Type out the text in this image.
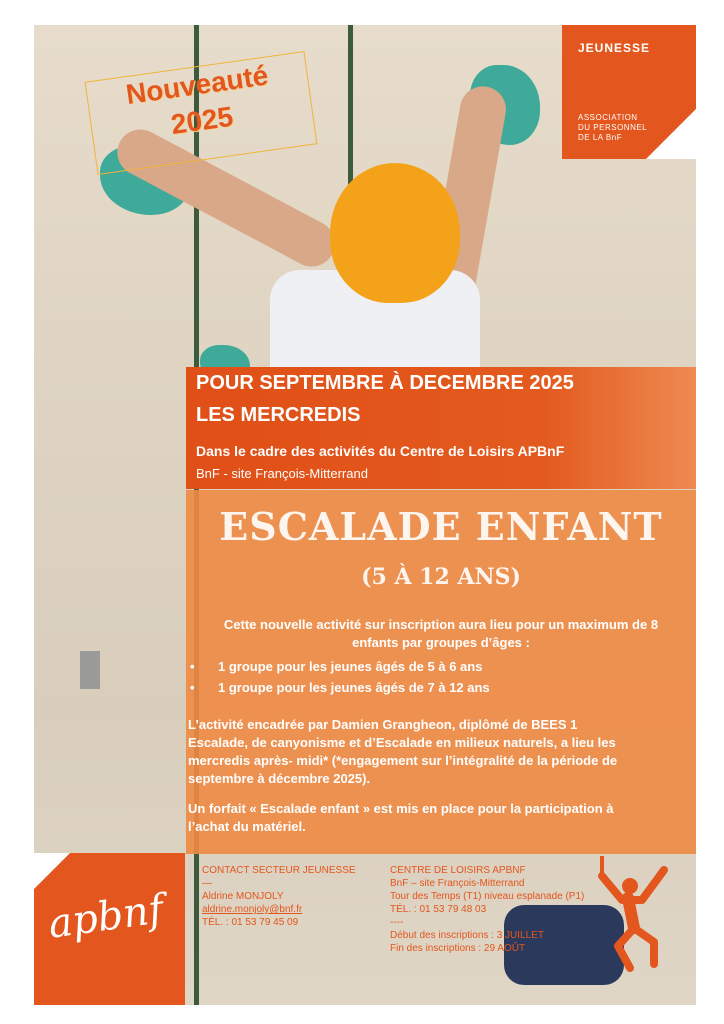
Nouveauté
2025
JEUNESSE
ASSOCIATION
DU PERSONNEL
DE LA BnF
POUR SEPTEMBRE À DECEMBRE 2025
LES MERCREDIS
Dans le cadre des activités du Centre de Loisirs APBnF
BnF - site François-Mitterrand
ESCALADE ENFANT
(5 À 12 ANS)
Cette nouvelle activité sur inscription aura lieu pour un maximum de 8
enfants par groupes d’âges :
• 1 groupe pour les jeunes âgés de 5 à 6 ans
• 1 groupe pour les jeunes âgés de 7 à 12 ans
L’activité encadrée par Damien Grangheon, diplômé de BEES 1
Escalade, de canyonisme et d’Escalade en milieux naturels, a lieu les
mercredis après- midi* (*engagement sur l’intégralité de la période de
septembre à décembre 2025).
Un forfait « Escalade enfant » est mis en place pour la participation à
l’achat du matériel.
apbnf
CONTACT SECTEUR JEUNESSE
—
Aldrine MONJOLY
aldrine.monjoly@bnf.fr
TÉL. : 01 53 79 45 09
CENTRE DE LOISIRS APBNF
BnF – site François-Mitterrand
Tour des Temps (T1) niveau esplanade (P1)
TÉL. : 01 53 79 48 03
----
Début des inscriptions : 3 JUILLET
Fin des inscriptions : 29 AOÛT
